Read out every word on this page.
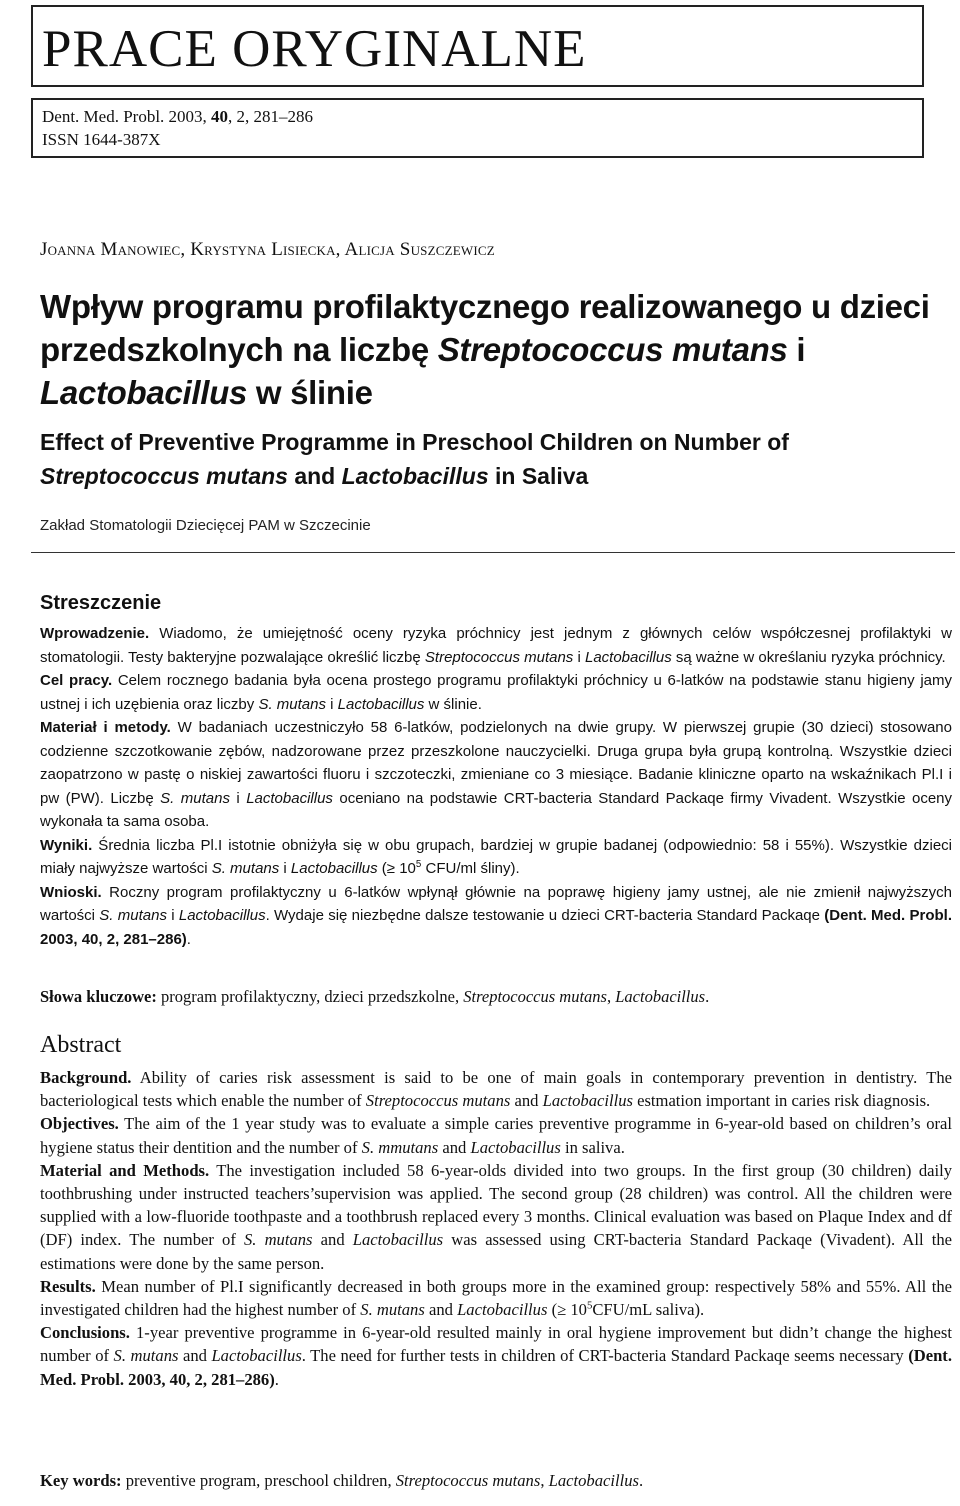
PRACE ORYGINALNE
Dent. Med. Probl. 2003, 40, 2, 281–286
ISSN 1644-387X
Joanna Manowiec, Krystyna Lisiecka, Alicja Suszczewicz
Wpływ programu profilaktycznego realizowanego u dzieci przedszkolnych na liczbę Streptococcus mutans i Lactobacillus w ślinie
Effect of Preventive Programme in Preschool Children on Number of Streptococcus mutans and Lactobacillus in Saliva
Zakład Stomatologii Dziecięcej PAM w Szczecinie
Streszczenie

Wprowadzenie. Wiadomo, że umiejętność oceny ryzyka próchnicy jest jednym z głównych celów współczesnej profilaktyki w stomatologii. Testy bakteryjne pozwalające określić liczbę Streptococcus mutans i Lactobacillus są ważne w określaniu ryzyka próchnicy.

Cel pracy. Celem rocznego badania była ocena prostego programu profilaktyki próchnicy u 6-latków na podstawie stanu higieny jamy ustnej i ich uzębienia oraz liczby S. mutans i Lactobacillus w ślinie.

Materiał i metody. W badaniach uczestniczyło 58 6-latków, podzielonych na dwie grupy. W pierwszej grupie (30 dzieci) stosowano codzienne szczotkowanie zębów, nadzorowane przez przeszkolone nauczycielki. Druga grupa była grupą kontrolną. Wszystkie dzieci zaopatrzono w pastę o niskiej zawartości fluoru i szczoteczki, zmieniane co 3 miesiące. Badanie kliniczne oparto na wskaźnikach Pl.I i pw (PW). Liczbę S. mutans i Lactobacillus oceniano na podstawie CRT-bacteria Standard Packaqe firmy Vivadent. Wszystkie oceny wykonała ta sama osoba.

Wyniki. Średnia liczba Pl.I istotnie obniżyła się w obu grupach, bardziej w grupie badanej (odpowiednio: 58 i 55%). Wszystkie dzieci miały najwyższe wartości S. mutans i Lactobacillus (≥ $10^5$ CFU/ml śliny).

Wnioski. Roczny program profilaktyczny u 6-latków wpłynął głównie na poprawę higieny jamy ustnej, ale nie zmienił najwyższych wartości S. mutans i Lactobacillus. Wydaje się niezbędne dalsze testowanie u dzieci CRT-bacteria Standard Packaqe (Dent. Med. Probl. 2003, 40, 2, 281–286).

Słowa kluczowe: program profilaktyczny, dzieci przedszkolne, Streptococcus mutans, Lactobacillus.
Abstract

Background. Ability of caries risk assessment is said to be one of main goals in contemporary prevention in dentistry. The bacteriological tests which enable the number of Streptococcus mutans and Lactobacillus estmation important in caries risk diagnosis.

Objectives. The aim of the 1 year study was to evaluate a simple caries preventive programme in 6-year-old based on children’s oral hygiene status their dentition and the number of S. mmutans and Lactobacillus in saliva.

Material and Methods. The investigation included 58 6-year-olds divided into two groups. In the first group (30 children) daily toothbrushing under instructed teachers’supervision was applied. The second group (28 children) was control. All the children were supplied with a low-fluoride toothpaste and a toothbrush replaced every 3 months. Clinical evaluation was based on Plaque Index and df (DF) index. The number of S. mutans and Lactobacillus was assessed using CRT-bacteria Standard Packaqe (Vivadent). All the estimations were done by the same person.

Results. Mean number of Pl.I significantly decreased in both groups more in the examined group: respectively 58% and 55%. All the investigated children had the highest number of S. mutans and Lactobacillus (≥ $10^5CFU/mL$ saliva).

Conclusions. 1-year preventive programme in 6-year-old resulted mainly in oral hygiene improvement but didn’t change the highest number of S. mutans and Lactobacillus. The need for further tests in children of CRT-bacteria Standard Packaqe seems necessary (Dent. Med. Probl. 2003, 40, 2, 281–286).

Key words: preventive program, preschool children, Streptococcus mutans, Lactobacillus.
